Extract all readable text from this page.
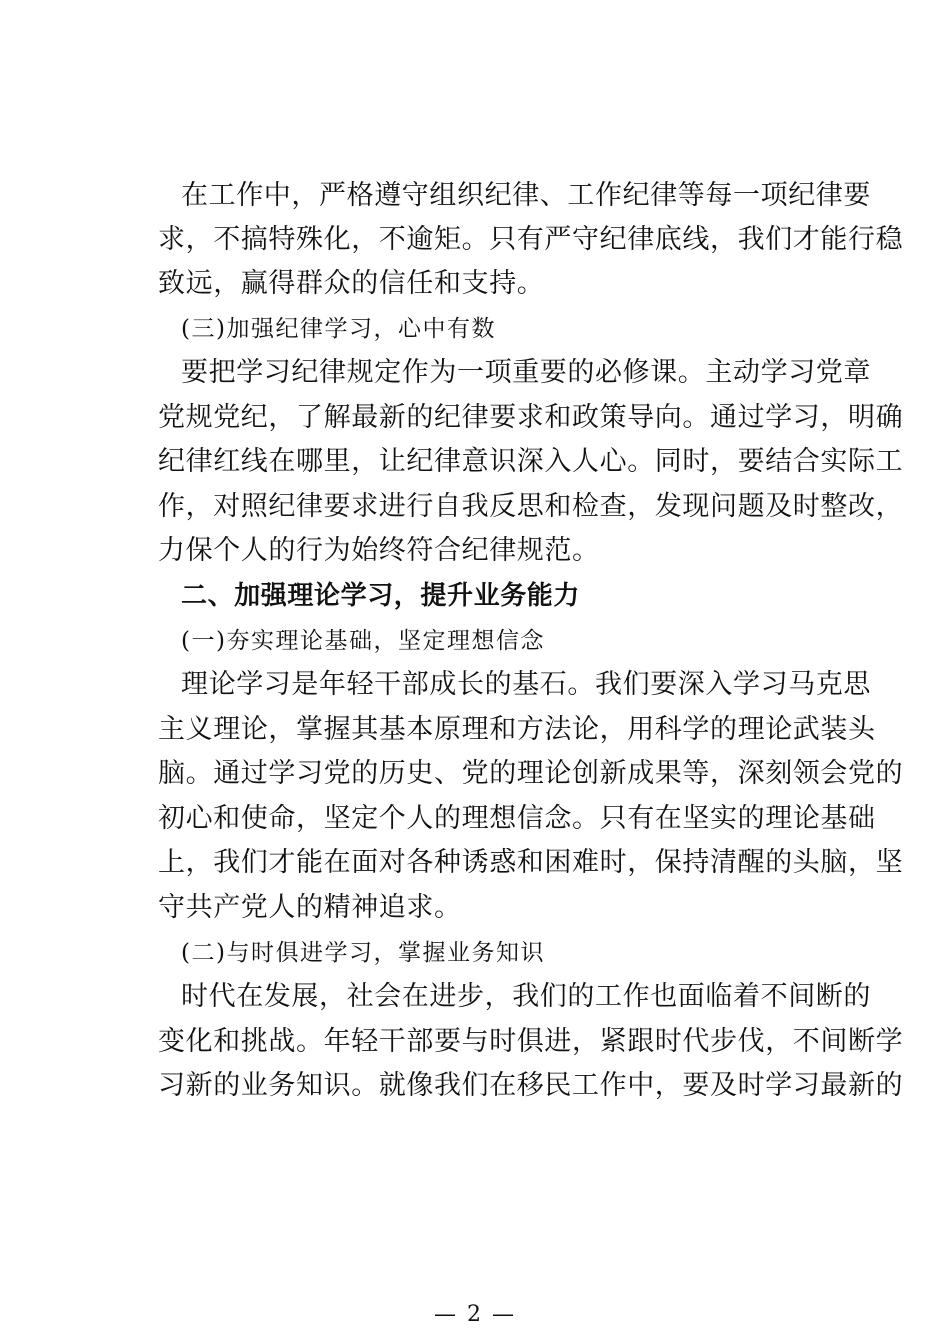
在工作中，严格遵守组织纪律、工作纪律等每一项纪律要
求，不搞特殊化，不逾矩。只有严守纪律底线，我们才能行稳
致远，赢得群众的信任和支持。
(三)加强纪律学习，心中有数
要把学习纪律规定作为一项重要的必修课。主动学习党章
党规党纪，了解最新的纪律要求和政策导向。通过学习，明确
纪律红线在哪里，让纪律意识深入人心。同时，要结合实际工
作，对照纪律要求进行自我反思和检查，发现问题及时整改，
力保个人的行为始终符合纪律规范。
二、加强理论学习，提升业务能力
(一)夯实理论基础，坚定理想信念
理论学习是年轻干部成长的基石。我们要深入学习马克思
主义理论，掌握其基本原理和方法论，用科学的理论武装头
脑。通过学习党的历史、党的理论创新成果等，深刻领会党的
初心和使命，坚定个人的理想信念。只有在坚实的理论基础
上，我们才能在面对各种诱惑和困难时，保持清醒的头脑，坚
守共产党人的精神追求。
(二)与时俱进学习，掌握业务知识
时代在发展，社会在进步，我们的工作也面临着不间断的
变化和挑战。年轻干部要与时俱进，紧跟时代步伐，不间断学
习新的业务知识。就像我们在移民工作中，要及时学习最新的
— 2 —
